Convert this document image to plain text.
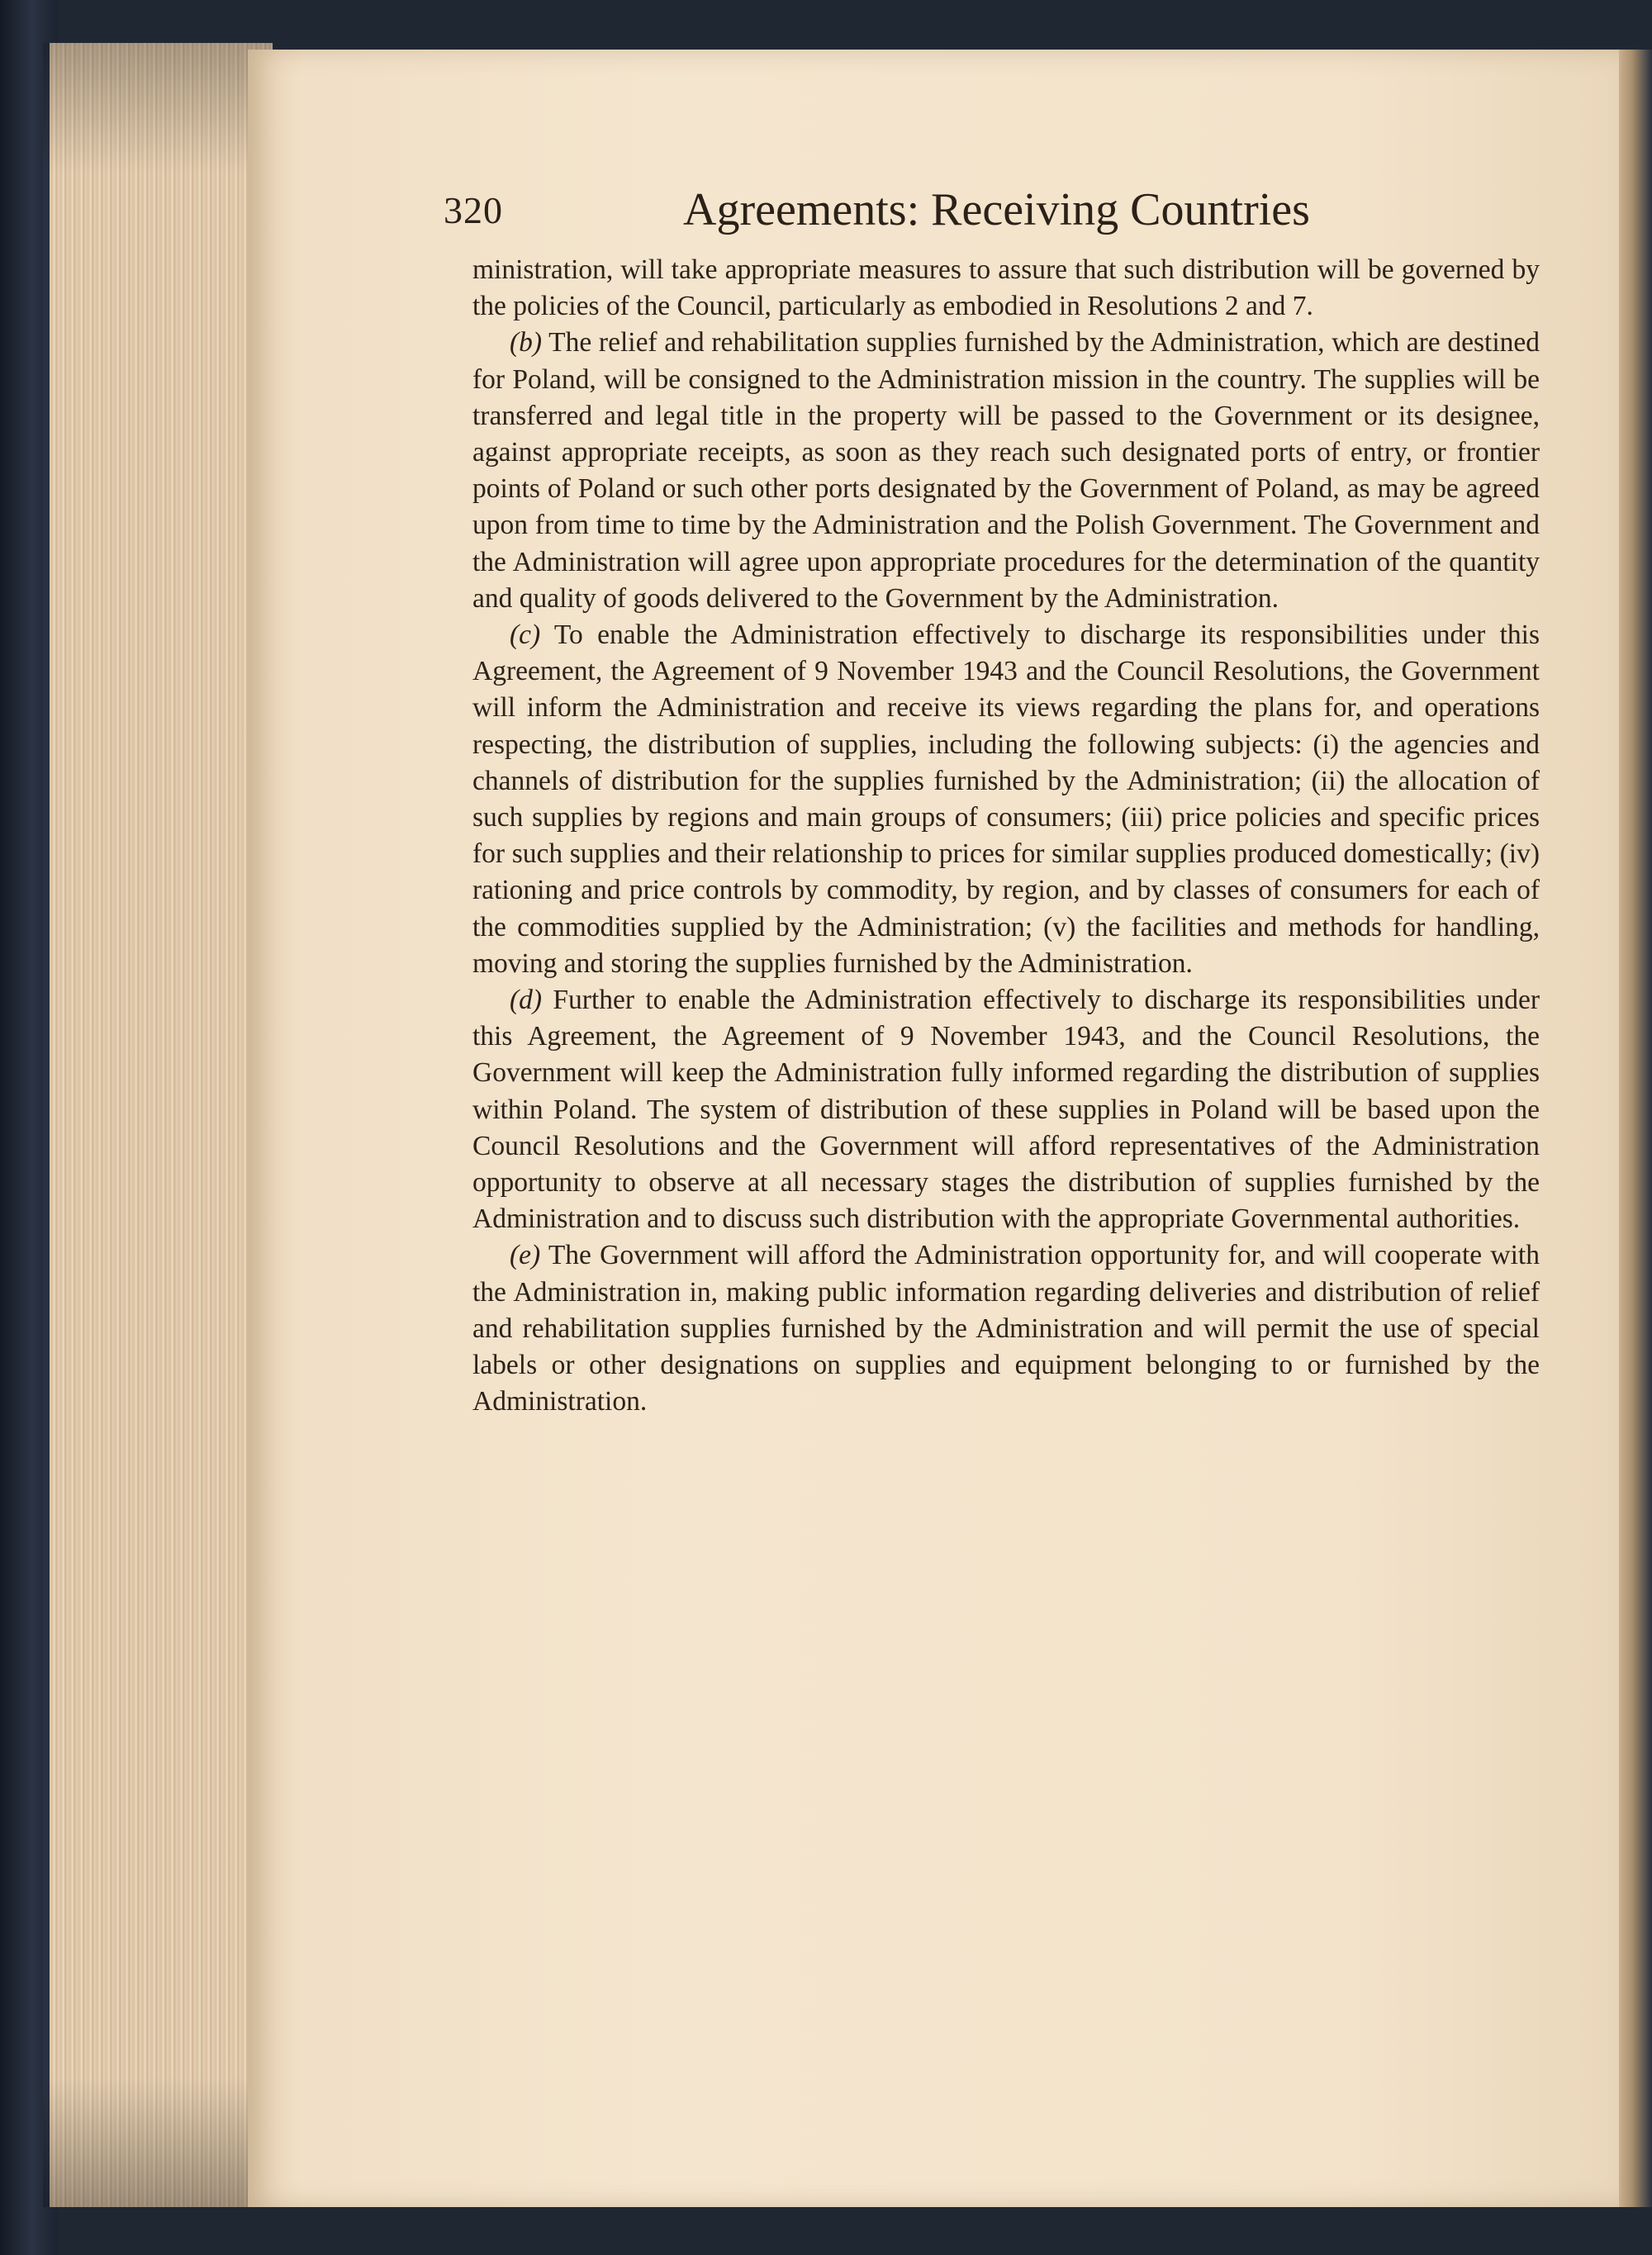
320	Agreements: Receiving Countries

ministration, will take appropriate measures to assure that such distribution will be governed by the policies of the Council, particularly as embodied in Resolutions 2 and 7.

(b) The relief and rehabilitation supplies furnished by the Administration, which are destined for Poland, will be consigned to the Administration mission in the country. The supplies will be transferred and legal title in the property will be passed to the Government or its designee, against appropriate receipts, as soon as they reach such designated ports of entry, or frontier points of Poland or such other ports designated by the Government of Poland, as may be agreed upon from time to time by the Administration and the Polish Government. The Government and the Administration will agree upon appropriate procedures for the determination of the quantity and quality of goods delivered to the Government by the Administration.

(c) To enable the Administration effectively to discharge its responsibilities under this Agreement, the Agreement of 9 November 1943 and the Council Resolutions, the Government will inform the Administration and receive its views regarding the plans for, and operations respecting, the distribution of supplies, including the following subjects: (i) the agencies and channels of distribution for the supplies furnished by the Administration; (ii) the allocation of such supplies by regions and main groups of consumers; (iii) price policies and specific prices for such supplies and their relationship to prices for similar supplies produced domestically; (iv) rationing and price controls by commodity, by region, and by classes of consumers for each of the commodities supplied by the Administration; (v) the facilities and methods for handling, moving and storing the supplies furnished by the Administration.

(d) Further to enable the Administration effectively to discharge its responsibilities under this Agreement, the Agreement of 9 November 1943, and the Council Resolutions, the Government will keep the Administration fully informed regarding the distribution of supplies within Poland. The system of distribution of these supplies in Poland will be based upon the Council Resolutions and the Government will afford representatives of the Administration opportunity to observe at all necessary stages the distribution of supplies furnished by the Administration and to discuss such distribution with the appropriate Governmental authorities.

(e) The Government will afford the Administration opportunity for, and will cooperate with the Administration in, making public information regarding deliveries and distribution of relief and rehabilitation supplies furnished by the Administration and will permit the use of special labels or other designations on supplies and equipment belonging to or furnished by the Administration.
